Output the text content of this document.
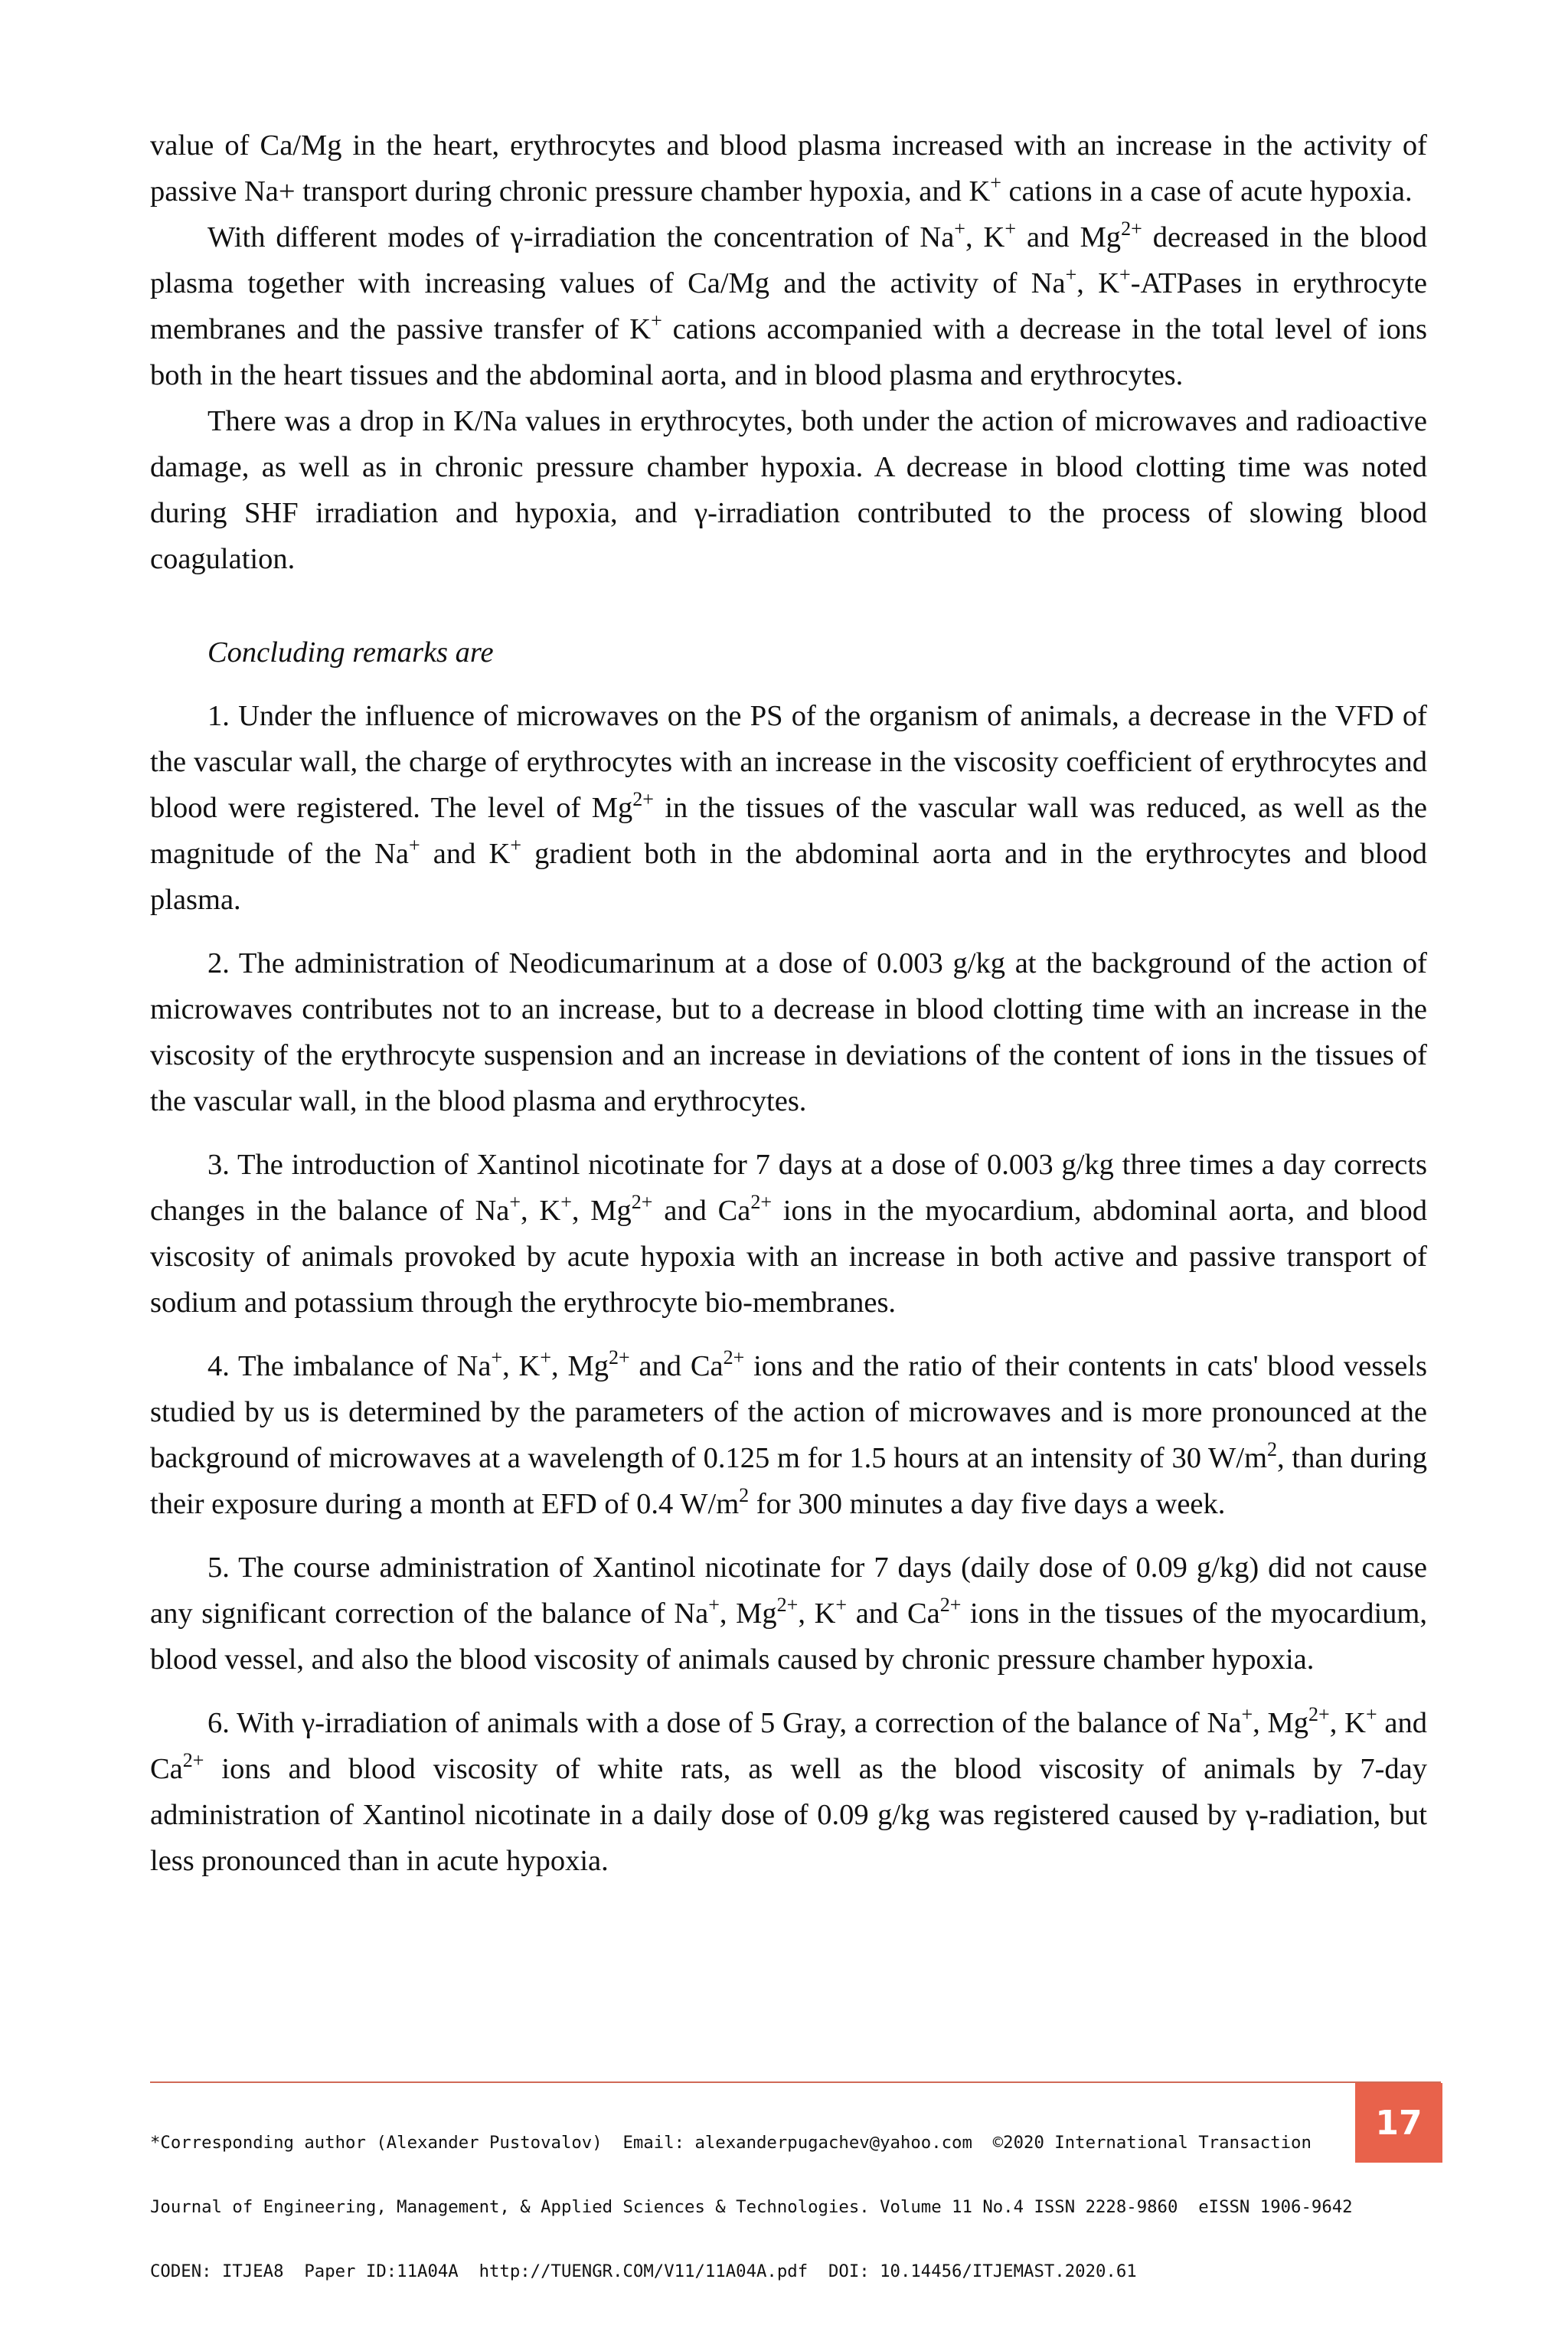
value of Ca/Mg in the heart, erythrocytes and blood plasma increased with an increase in the activity of passive Na+ transport during chronic pressure chamber hypoxia, and K+ cations in a case of acute hypoxia.

With different modes of γ-irradiation the concentration of Na+, K+ and $Mg^{2+}$ decreased in the blood plasma together with increasing values of Ca/Mg and the activity of Na+, K+-ATPases in erythrocyte membranes and the passive transfer of K+ cations accompanied with a decrease in the total level of ions both in the heart tissues and the abdominal aorta, and in blood plasma and erythrocytes.

There was a drop in K/Na values in erythrocytes, both under the action of microwaves and radioactive damage, as well as in chronic pressure chamber hypoxia. A decrease in blood clotting time was noted during SHF irradiation and hypoxia, and γ-irradiation contributed to the process of slowing blood coagulation.

Concluding remarks are

1. Under the influence of microwaves on the PS of the organism of animals, a decrease in the VFD of the vascular wall, the charge of erythrocytes with an increase in the viscosity coefficient of erythrocytes and blood were registered. The level of $Mg^{2+}$ in the tissues of the vascular wall was reduced, as well as the magnitude of the Na+ and K+ gradient both in the abdominal aorta and in the erythrocytes and blood plasma.

2. The administration of Neodicumarinum at a dose of 0.003 g/kg at the background of the action of microwaves contributes not to an increase, but to a decrease in blood clotting time with an increase in the viscosity of the erythrocyte suspension and an increase in deviations of the content of ions in the tissues of the vascular wall, in the blood plasma and erythrocytes.

3. The introduction of Xantinol nicotinate for 7 days at a dose of 0.003 g/kg three times a day corrects changes in the balance of Na+, K+, $Mg^{2+}$ and $Ca^{2+}$ ions in the myocardium, abdominal aorta, and blood viscosity of animals provoked by acute hypoxia with an increase in both active and passive transport of sodium and potassium through the erythrocyte bio-membranes.

4. The imbalance of Na+, K+, $Mg^{2+}$ and $Ca^{2+}$ ions and the ratio of their contents in cats' blood vessels studied by us is determined by the parameters of the action of microwaves and is more pronounced at the background of microwaves at a wavelength of 0.125 m for 1.5 hours at an intensity of 30 $W/m^2$, than during their exposure during a month at EFD of 0.4 $W/m^2$ for 300 minutes a day five days a week.

5. The course administration of Xantinol nicotinate for 7 days (daily dose of 0.09 g/kg) did not cause any significant correction of the balance of Na+, $Mg^{2+}$, K+ and $Ca^{2+}$ ions in the tissues of the myocardium, blood vessel, and also the blood viscosity of animals caused by chronic pressure chamber hypoxia.

6. With γ-irradiation of animals with a dose of 5 Gray, a correction of the balance of Na+, $Mg^{2+}$, K+ and $Ca^{2+}$ ions and blood viscosity of white rats, as well as the blood viscosity of animals by 7-day administration of Xantinol nicotinate in a daily dose of 0.09 g/kg was registered caused by γ-radiation, but less pronounced than in acute hypoxia.

*Corresponding author (Alexander Pustovalov)  Email: alexanderpugachev@yahoo.com  ©2020 International Transaction

Journal of Engineering, Management, & Applied Sciences & Technologies. Volume 11 No.4 ISSN 2228-9860  eISSN 1906-9642

CODEN: ITJEA8  Paper ID:11A04A  http://TUENGR.COM/V11/11A04A.pdf  DOI: 10.14456/ITJEMAST.2020.61

17
